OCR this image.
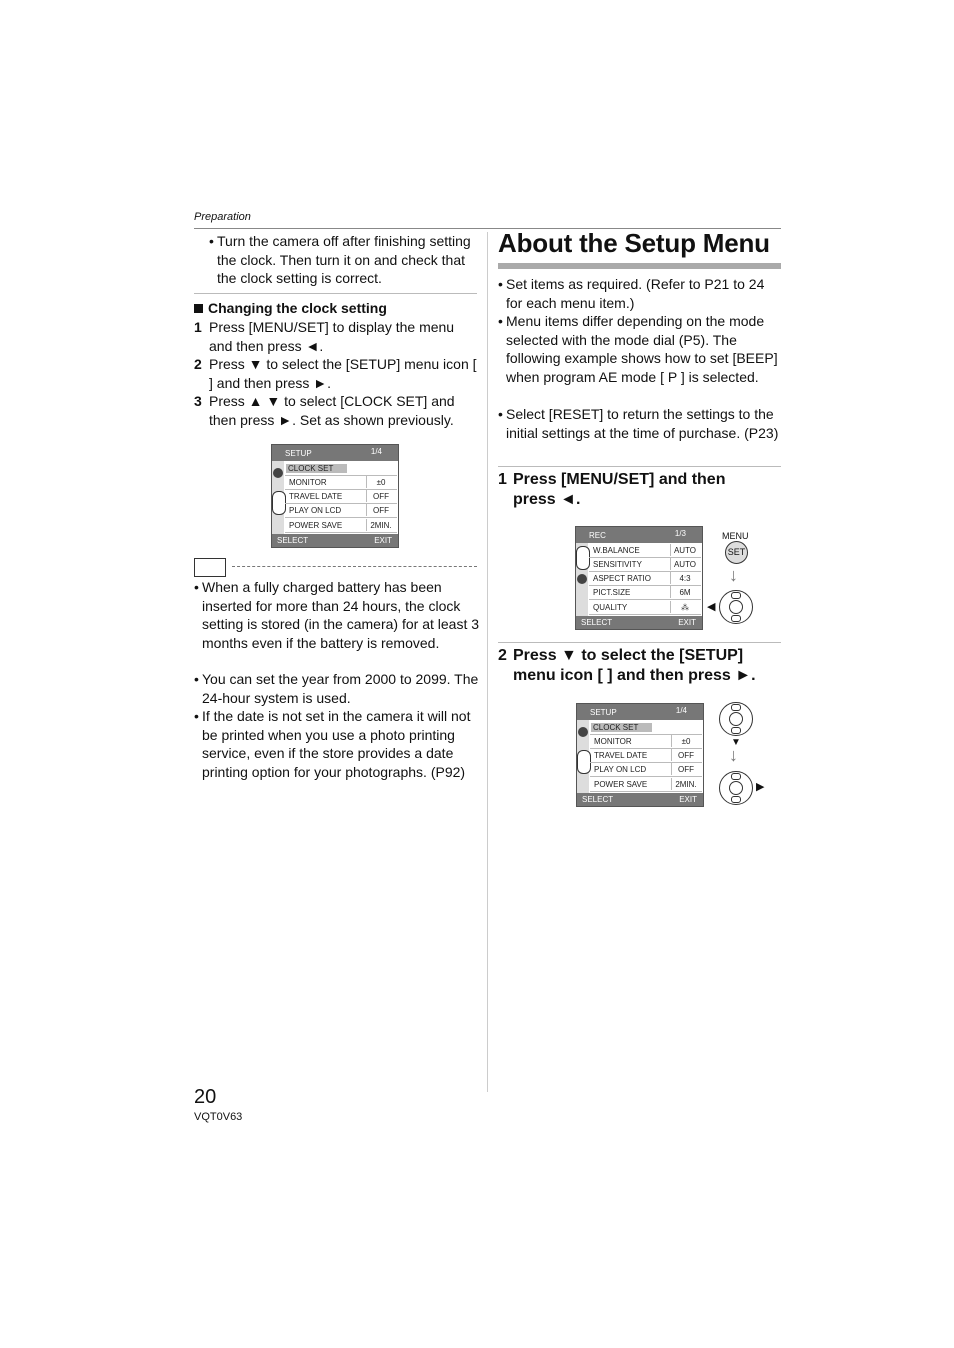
Preparation
• Turn the camera off after finishing setting the clock. Then turn it on and check that the clock setting is correct.
Changing the clock setting
1 Press [MENU/SET] to display the menu and then press ◄.
2 Press ▼ to select the [SETUP] menu icon [ ] and then press ►.
3 Press ▲ ▼ to select [CLOCK SET] and then press ►. Set as shown previously.
SETUP	1/4
CLOCK SET
MONITOR	±0
TRAVEL DATE	OFF
PLAY ON LCD	OFF
POWER SAVE	2MIN.
SELECT	EXIT
• When a fully charged battery has been inserted for more than 24 hours, the clock setting is stored (in the camera) for at least 3 months even if the battery is removed.
• You can set the year from 2000 to 2099. The 24-hour system is used.
• If the date is not set in the camera it will not be printed when you use a photo printing service, even if the store provides a date printing option for your photographs. (P92)
About the Setup Menu
• Set items as required. (Refer to P21 to 24 for each menu item.)
• Menu items differ depending on the mode selected with the mode dial (P5). The following example shows how to set [BEEP] when program AE mode [ P ] is selected.
• Select [RESET] to return the settings to the initial settings at the time of purchase. (P23)
1 Press [MENU/SET] and then press ◄.
REC	1/3
W.BALANCE	AUTO
SENSITIVITY	AUTO
ASPECT RATIO	4:3
PICT.SIZE	6M
QUALITY	⁂
SELECT	EXIT
MENU
SET
↓
◀
2 Press ▼ to select the [SETUP] menu icon [ ] and then press ►.
SETUP	1/4
CLOCK SET
MONITOR	±0
TRAVEL DATE	OFF
PLAY ON LCD	OFF
POWER SAVE	2MIN.
SELECT	EXIT
▼
↓
▶
20
VQT0V63
